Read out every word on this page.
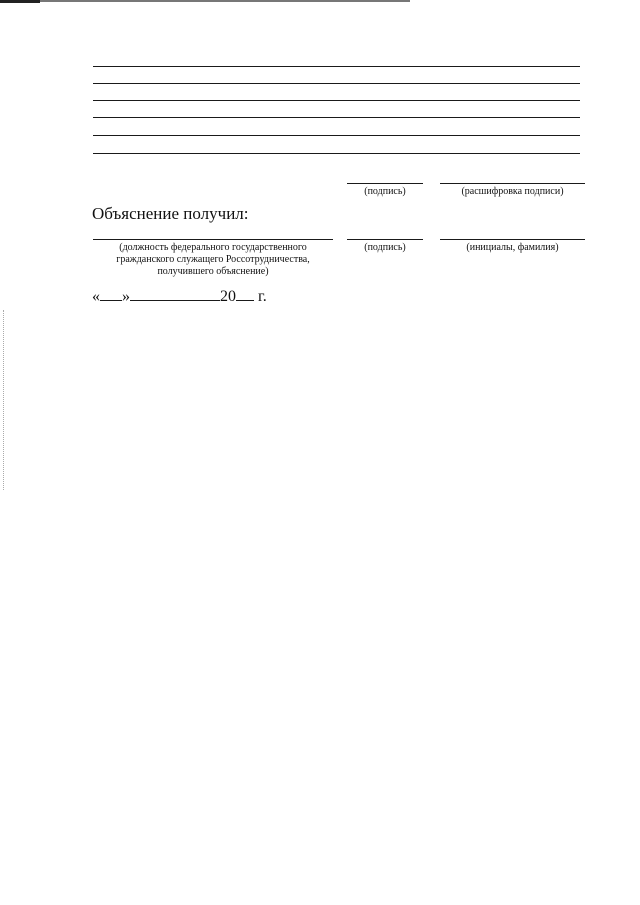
(подпись)	(расшифровка подписи)
Объяснение получил:
(должность федерального государственного
гражданского служащего Россотрудничества,
получившего объяснение)
(подпись)	(инициалы, фамилия)
« »	20 г.
